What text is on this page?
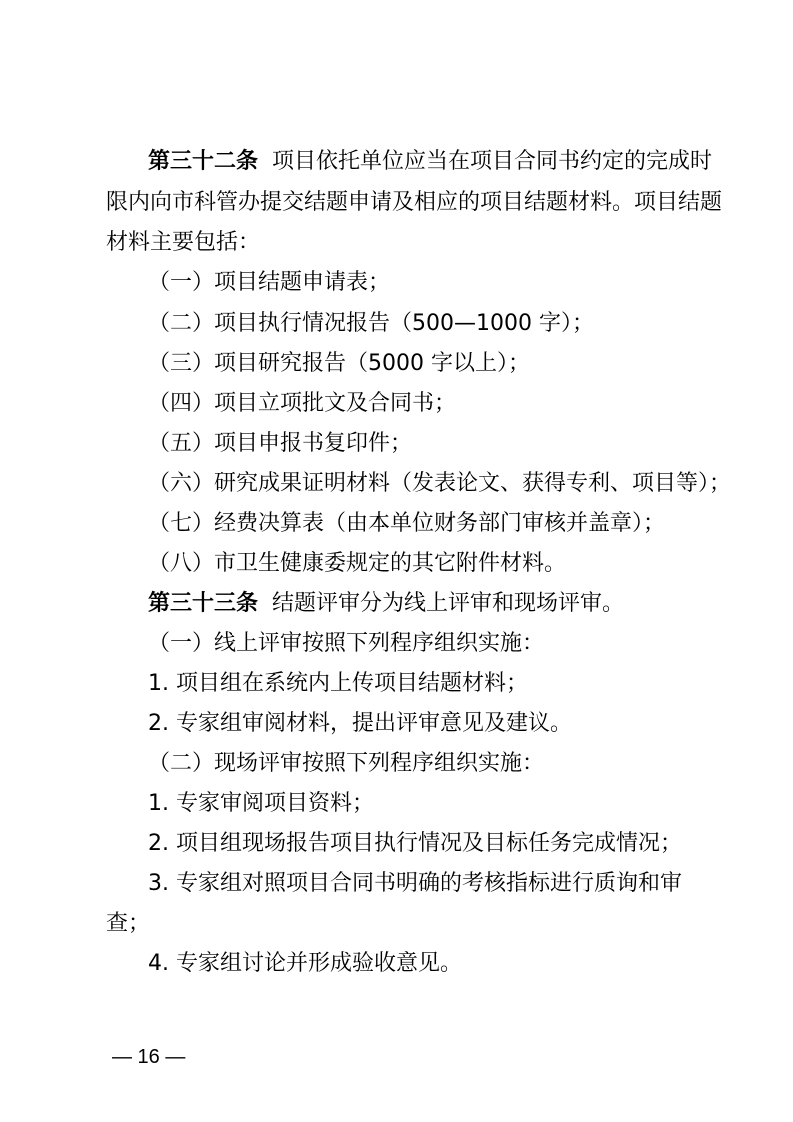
第三十二条 项目依托单位应当在项目合同书约定的完成时
限内向市科管办提交结题申请及相应的项目结题材料。项目结题
材料主要包括：
（一）项目结题申请表；
（二）项目执行情况报告（500—1000 字）；
（三）项目研究报告（5000 字以上）；
（四）项目立项批文及合同书；
（五）项目申报书复印件；
（六）研究成果证明材料（发表论文、获得专利、项目等）；
（七）经费决算表（由本单位财务部门审核并盖章）；
（八）市卫生健康委规定的其它附件材料。
第三十三条 结题评审分为线上评审和现场评审。
（一）线上评审按照下列程序组织实施：
1. 项目组在系统内上传项目结题材料；
2. 专家组审阅材料，提出评审意见及建议。
（二）现场评审按照下列程序组织实施：
1. 专家审阅项目资料；
2. 项目组现场报告项目执行情况及目标任务完成情况；
3. 专家组对照项目合同书明确的考核指标进行质询和审
查；
4. 专家组讨论并形成验收意见。
— 16 —
